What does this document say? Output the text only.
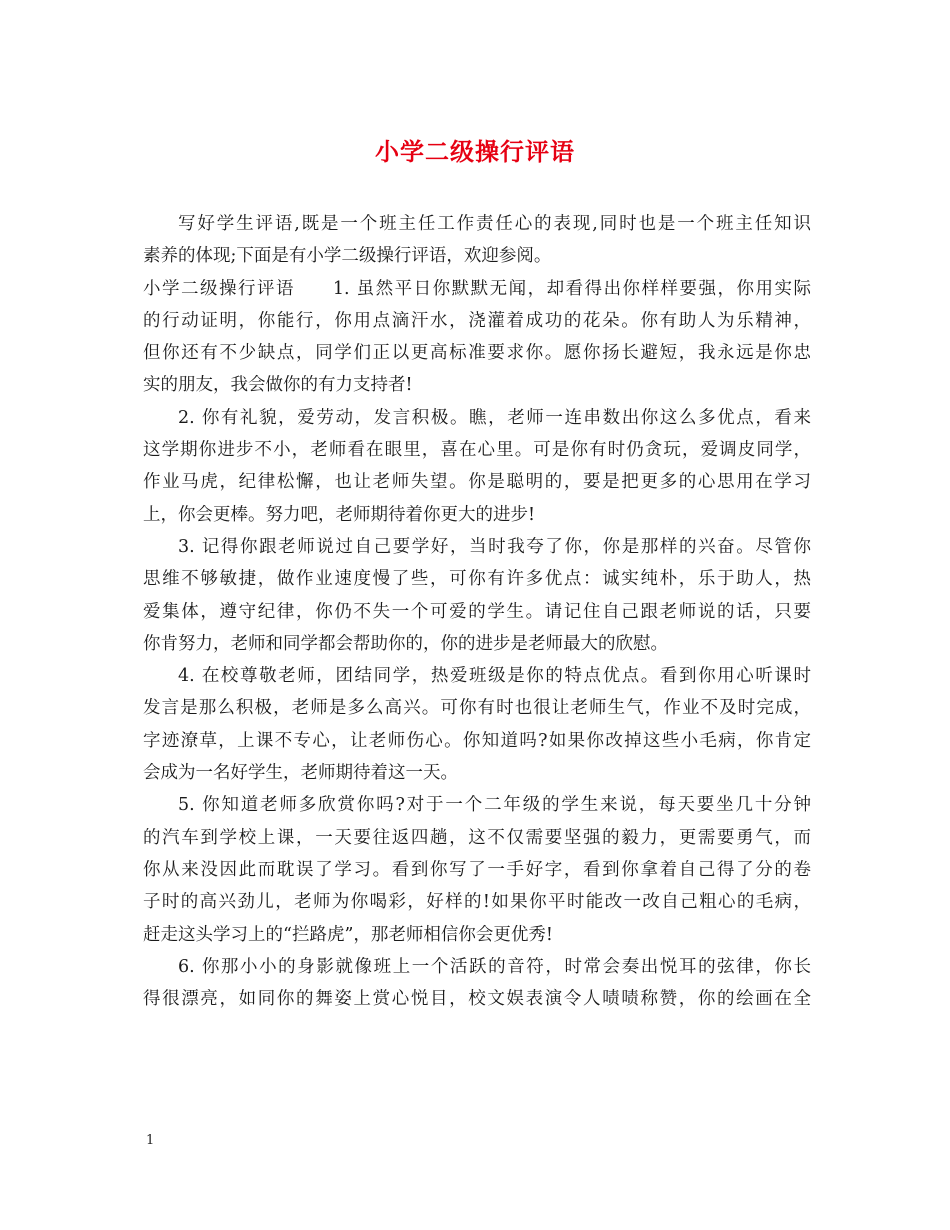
小学二级操行评语
写好学生评语,既是一个班主任工作责任心的表现,同时也是一个班主任知识
素养的体现;下面是有小学二级操行评语，欢迎参阅。
小学二级操行评语　　1. 虽然平日你默默无闻，却看得出你样样要强，你用实际
的行动证明，你能行，你用点滴汗水，浇灌着成功的花朵。你有助人为乐精神，
但你还有不少缺点，同学们正以更高标准要求你。愿你扬长避短，我永远是你忠
实的朋友，我会做你的有力支持者!
2. 你有礼貌，爱劳动，发言积极。瞧，老师一连串数出你这么多优点，看来
这学期你进步不小，老师看在眼里，喜在心里。可是你有时仍贪玩，爱调皮同学，
作业马虎，纪律松懈，也让老师失望。你是聪明的，要是把更多的心思用在学习
上，你会更棒。努力吧，老师期待着你更大的进步!
3. 记得你跟老师说过自己要学好，当时我夸了你，你是那样的兴奋。尽管你
思维不够敏捷，做作业速度慢了些，可你有许多优点：诚实纯朴，乐于助人，热
爱集体，遵守纪律，你仍不失一个可爱的学生。请记住自己跟老师说的话，只要
你肯努力，老师和同学都会帮助你的，你的进步是老师最大的欣慰。
4. 在校尊敬老师，团结同学，热爱班级是你的特点优点。看到你用心听课时
发言是那么积极，老师是多么高兴。可你有时也很让老师生气，作业不及时完成，
字迹潦草，上课不专心，让老师伤心。你知道吗?如果你改掉这些小毛病，你肯定
会成为一名好学生，老师期待着这一天。
5. 你知道老师多欣赏你吗?对于一个二年级的学生来说，每天要坐几十分钟
的汽车到学校上课，一天要往返四趟，这不仅需要坚强的毅力，更需要勇气，而
你从来没因此而耽误了学习。看到你写了一手好字，看到你拿着自己得了分的卷
子时的高兴劲儿，老师为你喝彩，好样的!如果你平时能改一改自己粗心的毛病，
赶走这头学习上的“拦路虎”，那老师相信你会更优秀!
6. 你那小小的身影就像班上一个活跃的音符，时常会奏出悦耳的弦律，你长
得很漂亮，如同你的舞姿上赏心悦目，校文娱表演令人啧啧称赞，你的绘画在全
1
